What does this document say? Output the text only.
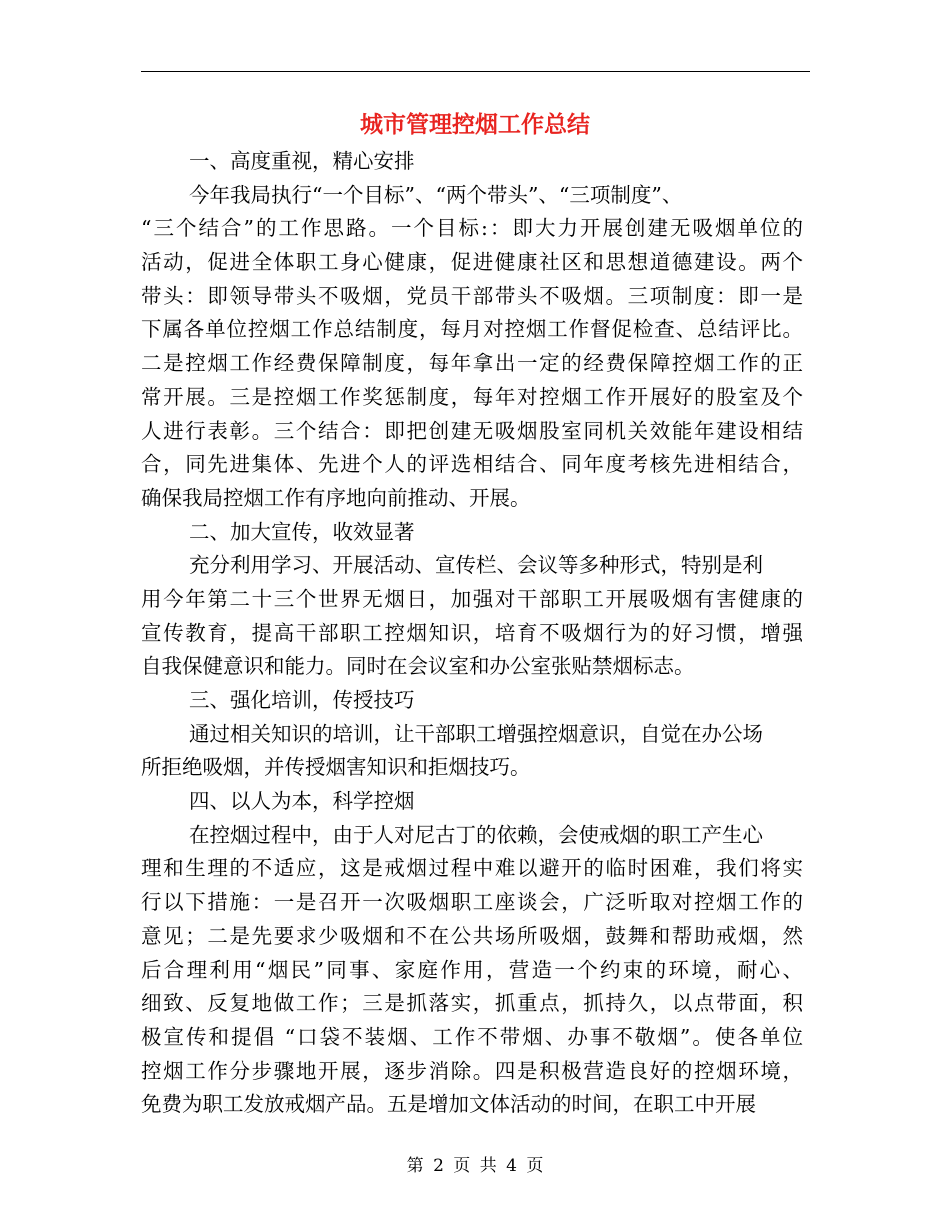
城市管理控烟工作总结
一、高度重视，精心安排
今年我局执行“一个目标”、“两个带头”、“三项制度”、
“三个结合”的工作思路。一个目标:：即大力开展创建无吸烟单位的
活动，促进全体职工身心健康，促进健康社区和思想道德建设。两个
带头：即领导带头不吸烟，党员干部带头不吸烟。三项制度：即一是
下属各单位控烟工作总结制度，每月对控烟工作督促检查、总结评比。
二是控烟工作经费保障制度，每年拿出一定的经费保障控烟工作的正
常开展。三是控烟工作奖惩制度，每年对控烟工作开展好的股室及个
人进行表彰。三个结合：即把创建无吸烟股室同机关效能年建设相结
合，同先进集体、先进个人的评选相结合、同年度考核先进相结合，
确保我局控烟工作有序地向前推动、开展。
二、加大宣传，收效显著
充分利用学习、开展活动、宣传栏、会议等多种形式，特别是利
用今年第二十三个世界无烟日，加强对干部职工开展吸烟有害健康的
宣传教育，提高干部职工控烟知识，培育不吸烟行为的好习惯，增强
自我保健意识和能力。同时在会议室和办公室张贴禁烟标志。
三、强化培训，传授技巧
通过相关知识的培训，让干部职工增强控烟意识，自觉在办公场
所拒绝吸烟，并传授烟害知识和拒烟技巧。
四、以人为本，科学控烟
在控烟过程中，由于人对尼古丁的依赖，会使戒烟的职工产生心
理和生理的不适应，这是戒烟过程中难以避开的临时困难，我们将实
行以下措施：一是召开一次吸烟职工座谈会，广泛听取对控烟工作的
意见；二是先要求少吸烟和不在公共场所吸烟，鼓舞和帮助戒烟，然
后合理利用“烟民”同事、家庭作用，营造一个约束的环境，耐心、
细致、反复地做工作；三是抓落实，抓重点，抓持久，以点带面，积
极宣传和提倡 “口袋不装烟、工作不带烟、办事不敬烟”。使各单位
控烟工作分步骤地开展，逐步消除。四是积极营造良好的控烟环境，
免费为职工发放戒烟产品。五是增加文体活动的时间，在职工中开展

第 2 页 共 4 页
